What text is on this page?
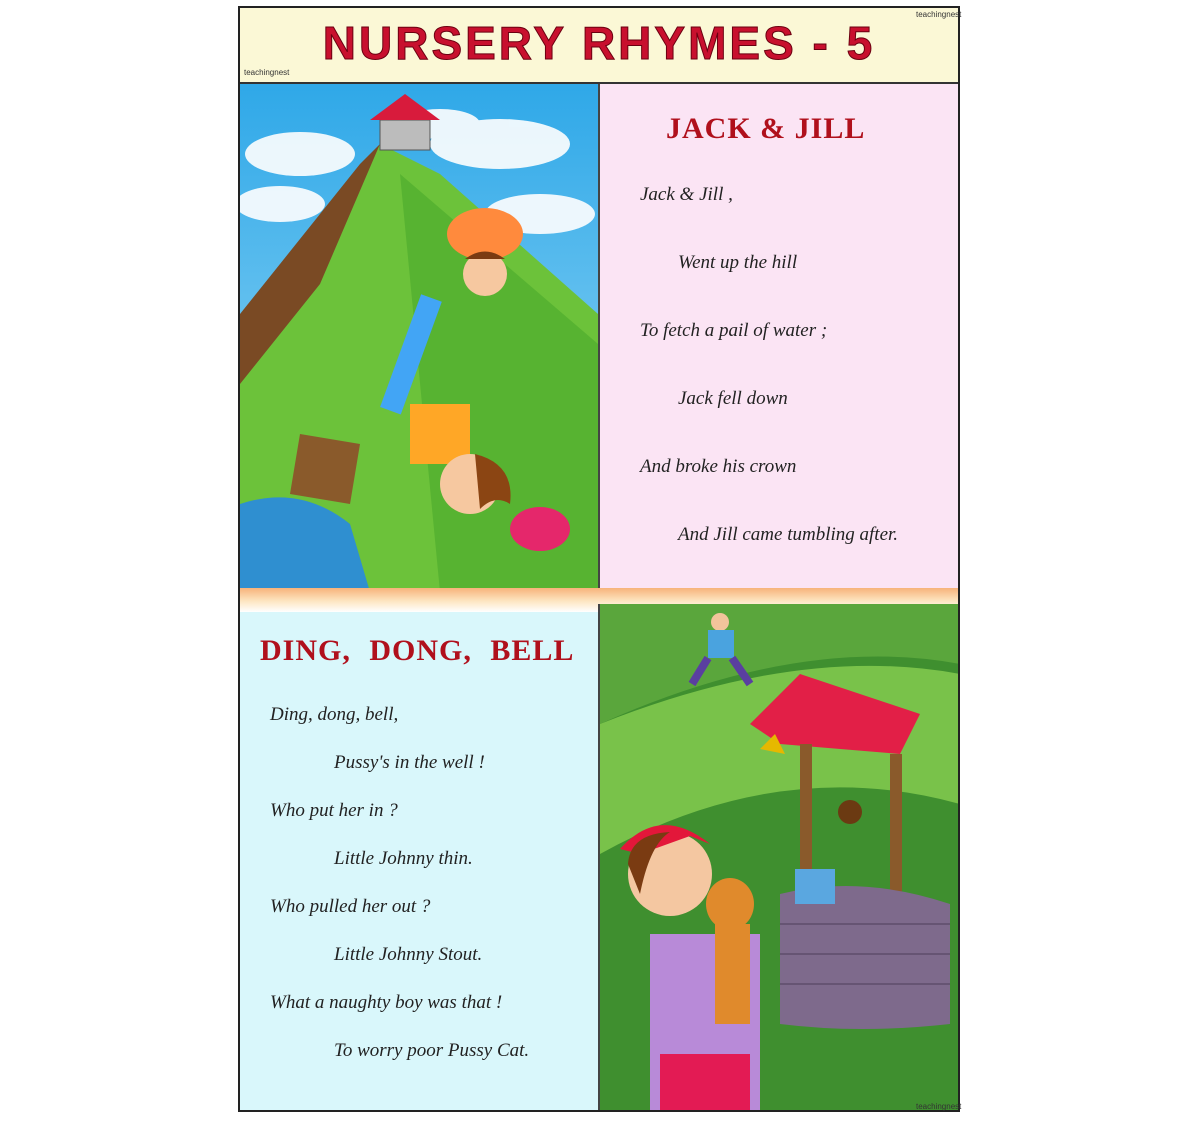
NURSERY RHYMES - 5
teachingnest
teachingnest
JACK & JILL
Jack & Jill ,
Went up the hill
To fetch a pail of water ;
Jack fell down
And broke his crown
And Jill came tumbling after.
DING, DONG, BELL
Ding, dong, bell,
Pussy's in the well !
Who put her in ?
Little Johnny thin.
Who pulled her out ?
Little Johnny Stout.
What a naughty boy was that !
To worry poor Pussy Cat.
teachingnest
